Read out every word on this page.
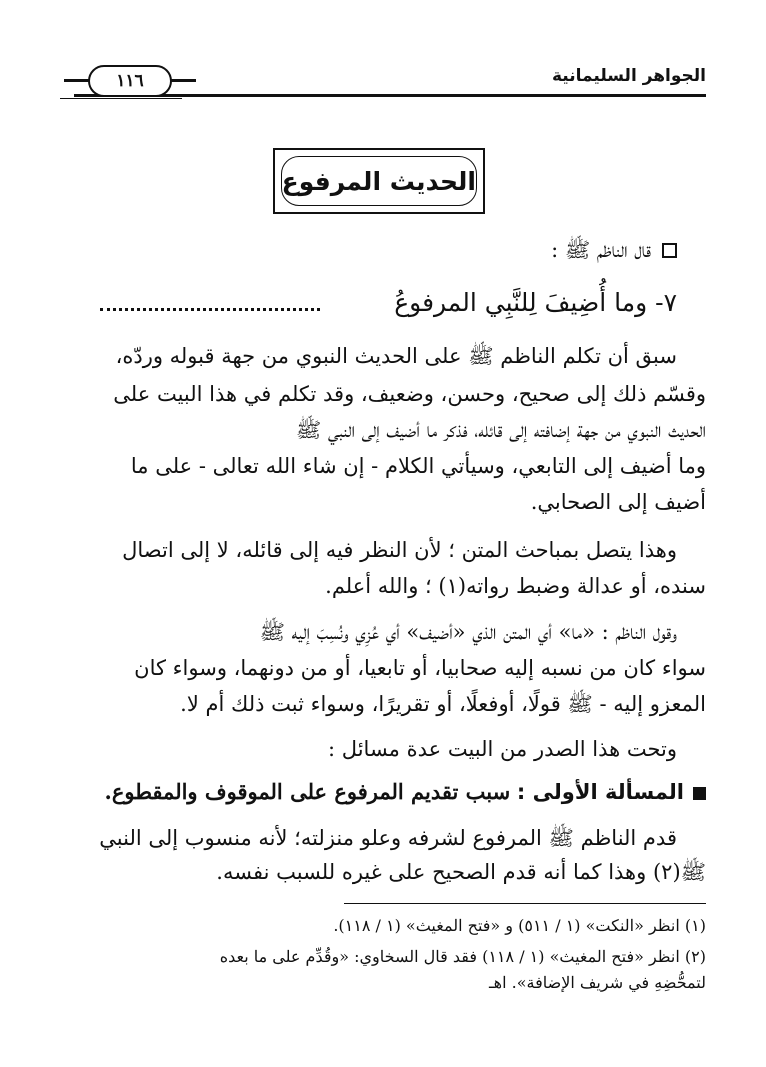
الجواهر السليمانية
١١٦
الحديث المرفوع
قال الناظم ﷺ :
٧- وما أُضِيفَ لِلنَّبِي المرفوعُ
سبق أن تكلم الناظم ﷺ على الحديث النبوي من جهة قبوله وردّه،
وقسّم ذلك إلى صحيح، وحسن، وضعيف، وقد تكلم في هذا البيت على
الحديث النبوي من جهة إضافته إلى قائله، فذكر ما أضيف إلى النبي ﷺ
وما أضيف إلى التابعي، وسيأتي الكلام - إن شاء الله تعالى - على ما
أضيف إلى الصحابي.
وهذا يتصل بمباحث المتن ؛ لأن النظر فيه إلى قائله، لا إلى اتصال
سنده، أو عدالة وضبط رواته(١) ؛ والله أعلم.
وقول الناظم : «ما» أي المتن الذي «أضيف» أي عُزِي ونُسِبَ إليه ﷺ
سواء كان من نسبه إليه صحابيا، أو تابعيا، أو من دونهما، وسواء كان
المعزو إليه - ﷺ قولًا، أوفعلًا، أو تقريرًا، وسواء ثبت ذلك أم لا.
وتحت هذا الصدر من البيت عدة مسائل :
المسألة الأولى : سبب تقديم المرفوع على الموقوف والمقطوع.
قدم الناظم ﷺ المرفوع لشرفه وعلو منزلته؛ لأنه منسوب إلى النبي
ﷺ(٢) وهذا كما أنه قدم الصحيح على غيره للسبب نفسه.
(١) انظر «النكت» (١ / ٥١١) و «فتح المغيث» (١ / ١١٨).
(٢) انظر «فتح المغيث» (١ / ١١٨) فقد قال السخاوي: «وقُدِّم على ما بعده
لتمحُّضِهِ في شريف الإضافة». اهـ
